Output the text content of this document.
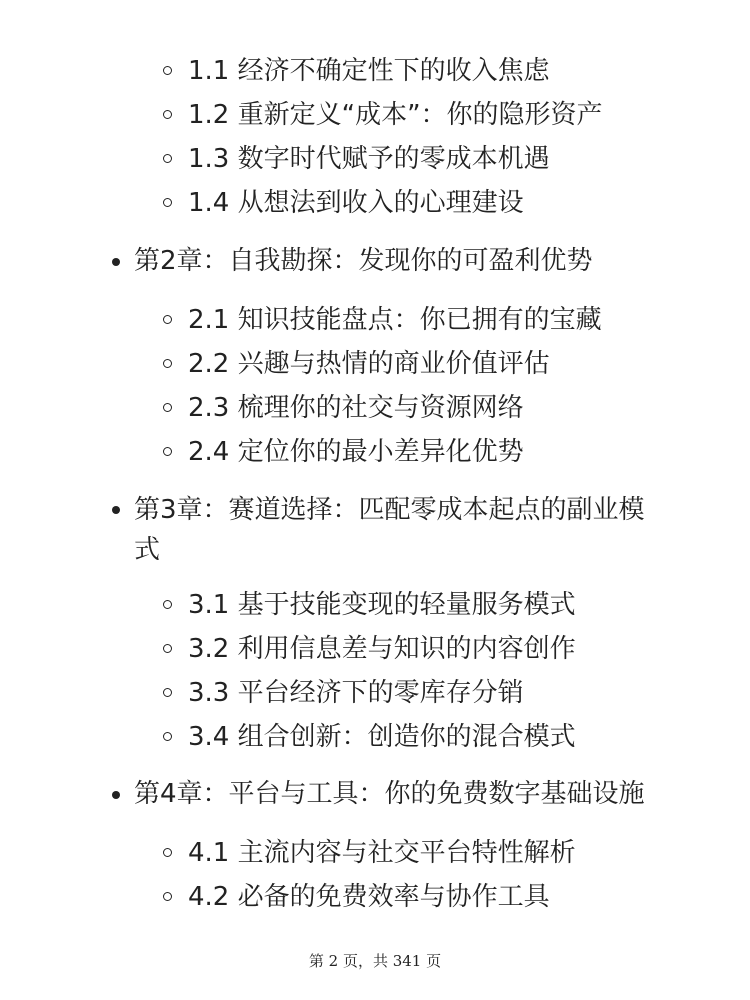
1.1 经济不确定性下的收入焦虑
1.2 重新定义“成本”：你的隐形资产
1.3 数字时代赋予的零成本机遇
1.4 从想法到收入的心理建设
第2章：自我勘探：发现你的可盈利优势
2.1 知识技能盘点：你已拥有的宝藏
2.2 兴趣与热情的商业价值评估
2.3 梳理你的社交与资源网络
2.4 定位你的最小差异化优势
第3章：赛道选择：匹配零成本起点的副业模式
3.1 基于技能变现的轻量服务模式
3.2 利用信息差与知识的内容创作
3.3 平台经济下的零库存分销
3.4 组合创新：创造你的混合模式
第4章：平台与工具：你的免费数字基础设施
4.1 主流内容与社交平台特性解析
4.2 必备的免费效率与协作工具
第 2 页，共 341 页
